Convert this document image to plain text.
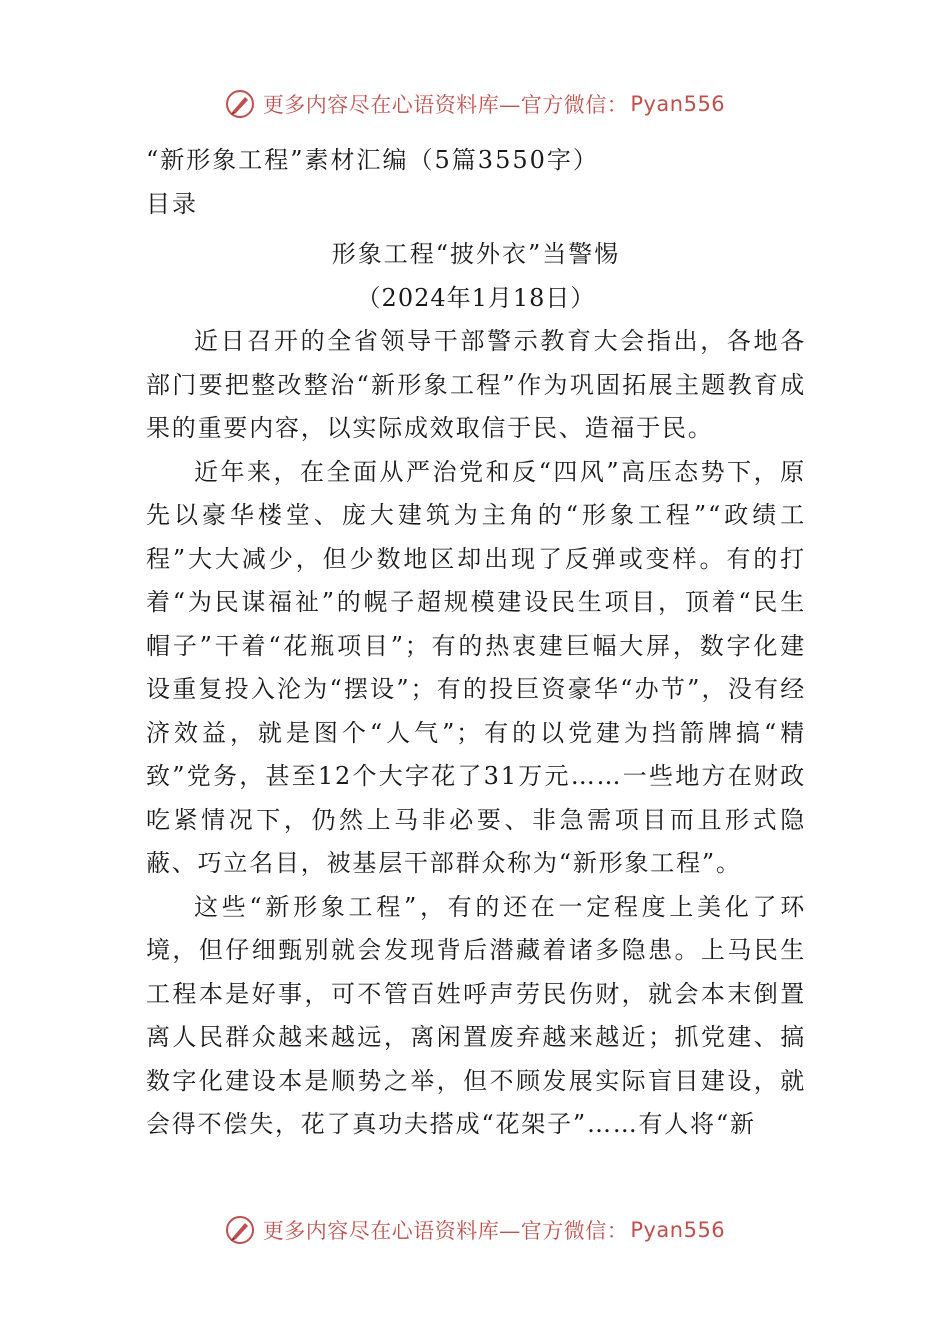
更多内容尽在心语资料库—官方微信： Pyan556
“新形象工程”素材汇编（5篇3550字）
目录
形象工程“披外衣”当警惕
（2024年1月18日）

近日召开的全省领导干部警示教育大会指出，各地各部门要把整改整治“新形象工程”作为巩固拓展主题教育成果的重要内容，以实际成效取信于民、造福于民。

近年来，在全面从严治党和反“四风”高压态势下，原先以豪华楼堂、庞大建筑为主角的“形象工程”“政绩工程”大大减少，但少数地区却出现了反弹或变样。有的打着“为民谋福祉”的幌子超规模建设民生项目，顶着“民生帽子”干着“花瓶项目”；有的热衷建巨幅大屏，数字化建设重复投入沦为“摆设”；有的投巨资豪华“办节”，没有经济效益，就是图个“人气”；有的以党建为挡箭牌搞“精致”党务，甚至12个大字花了31万元……一些地方在财政吃紧情况下，仍然上马非必要、非急需项目而且形式隐蔽、巧立名目，被基层干部群众称为“新形象工程”。

这些“新形象工程”，有的还在一定程度上美化了环境，但仔细甄别就会发现背后潜藏着诸多隐患。上马民生工程本是好事，可不管百姓呼声劳民伤财，就会本末倒置离人民群众越来越远，离闲置废弃越来越近；抓党建、搞数字化建设本是顺势之举，但不顾发展实际盲目建设，就会得不偿失，花了真功夫搭成“花架子”……有人将“新

更多内容尽在心语资料库—官方微信： Pyan556
